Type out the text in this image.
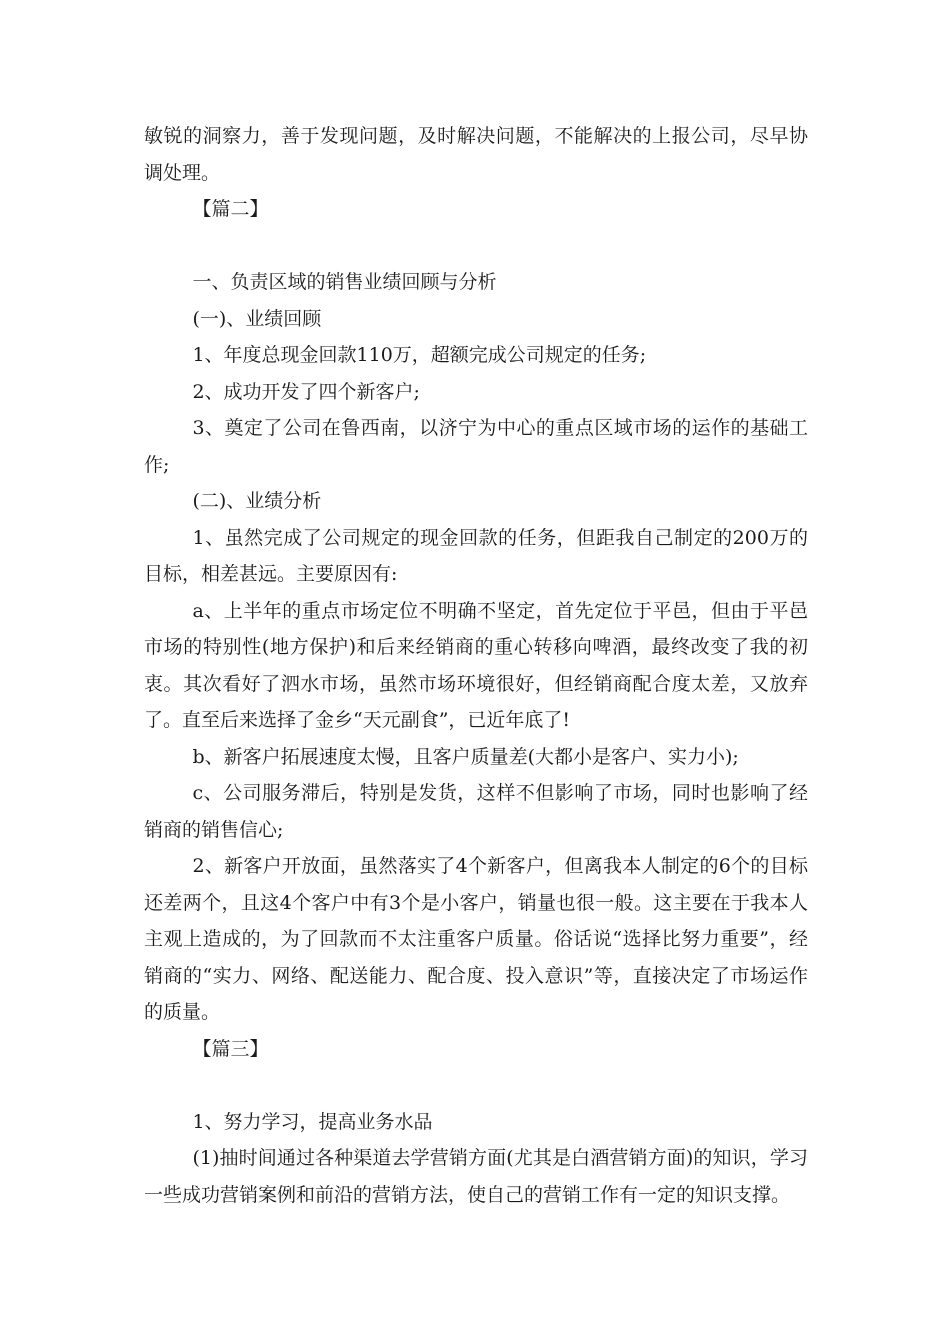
敏锐的洞察力，善于发现问题，及时解决问题，不能解决的上报公司，尽早协调处理。

【篇二】

一、负责区域的销售业绩回顾与分析

(一)、业绩回顾

1、年度总现金回款110万，超额完成公司规定的任务;

2、成功开发了四个新客户;

3、奠定了公司在鲁西南，以济宁为中心的重点区域市场的运作的基础工作;

(二)、业绩分析

1、虽然完成了公司规定的现金回款的任务，但距我自己制定的200万的目标，相差甚远。主要原因有:

a、上半年的重点市场定位不明确不坚定，首先定位于平邑，但由于平邑市场的特别性(地方保护)和后来经销商的重心转移向啤酒，最终改变了我的初衷。其次看好了泗水市场，虽然市场环境很好，但经销商配合度太差，又放弃了。直至后来选择了金乡“天元副食”，已近年底了!

b、新客户拓展速度太慢，且客户质量差(大都小是客户、实力小);

c、公司服务滞后，特别是发货，这样不但影响了市场，同时也影响了经销商的销售信心;

2、新客户开放面，虽然落实了4个新客户，但离我本人制定的6个的目标还差两个，且这4个客户中有3个是小客户，销量也很一般。这主要在于我本人主观上造成的，为了回款而不太注重客户质量。俗话说“选择比努力重要”，经销商的“实力、网络、配送能力、配合度、投入意识”等，直接决定了市场运作的质量。

【篇三】

1、努力学习，提高业务水品

(1)抽时间通过各种渠道去学营销方面(尤其是白酒营销方面)的知识，学习一些成功营销案例和前沿的营销方法，使自己的营销工作有一定的知识支撑。
